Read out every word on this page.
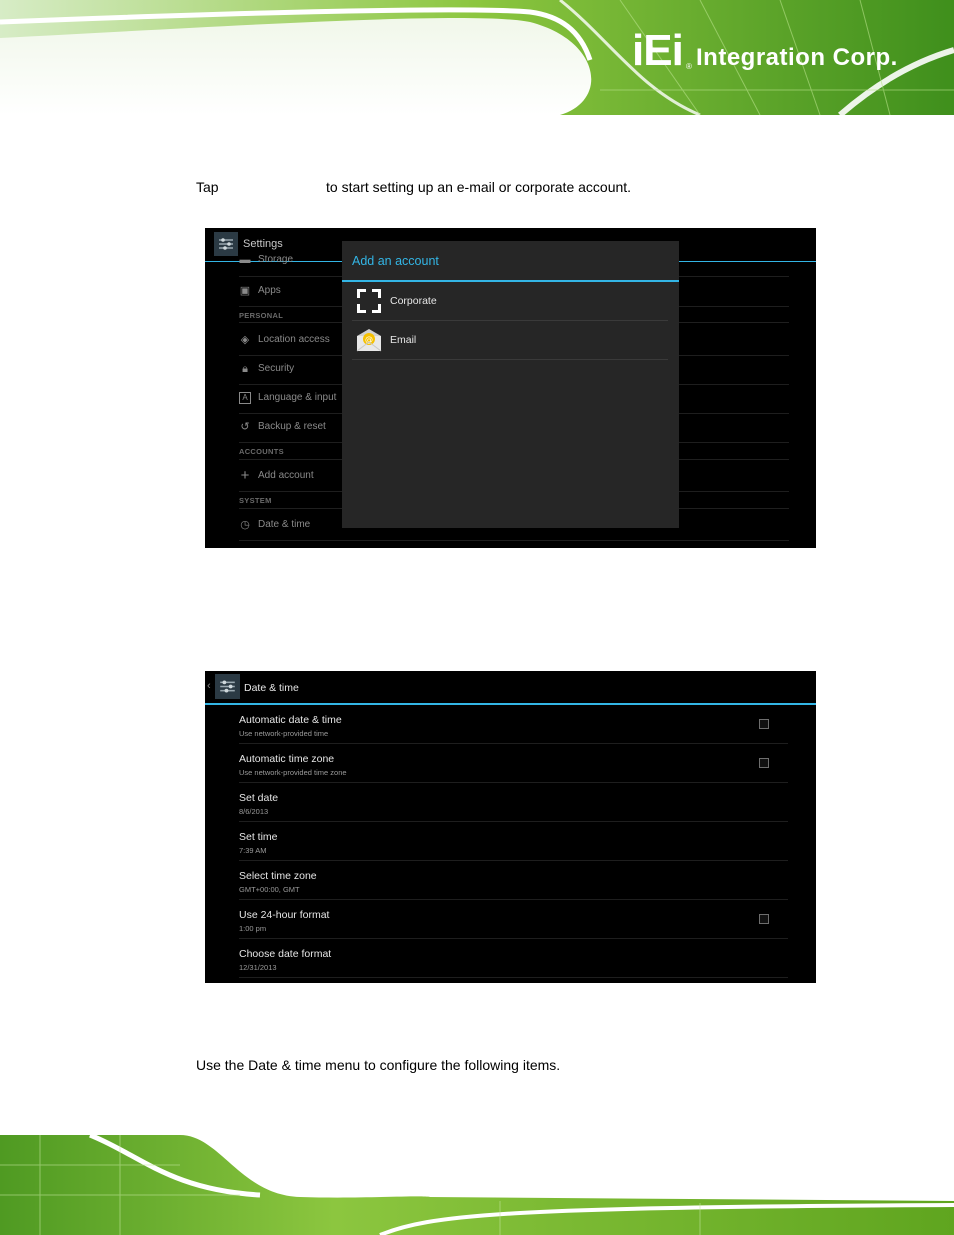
iEi ® Integration Corp.
Tap	to start setting up an e-mail or corporate account.
Settings
▬ Storage
▣ Apps
PERSONAL
◈ Location access
🔒︎	Security
A	Language & input
↺ Backup & reset
ACCOUNTS
+ Add account
SYSTEM
◷ Date & time
Add an account
Corporate
@ Email
‹	Date & time
Automatic date & time
Use network-provided time
Automatic time zone
Use network-provided time zone
Set date
8/6/2013
Set time
7:39 AM
Select time zone
GMT+00:00, GMT
Use 24-hour format
1:00 pm
Choose date format
12/31/2013
Use the Date & time menu to configure the following items.
